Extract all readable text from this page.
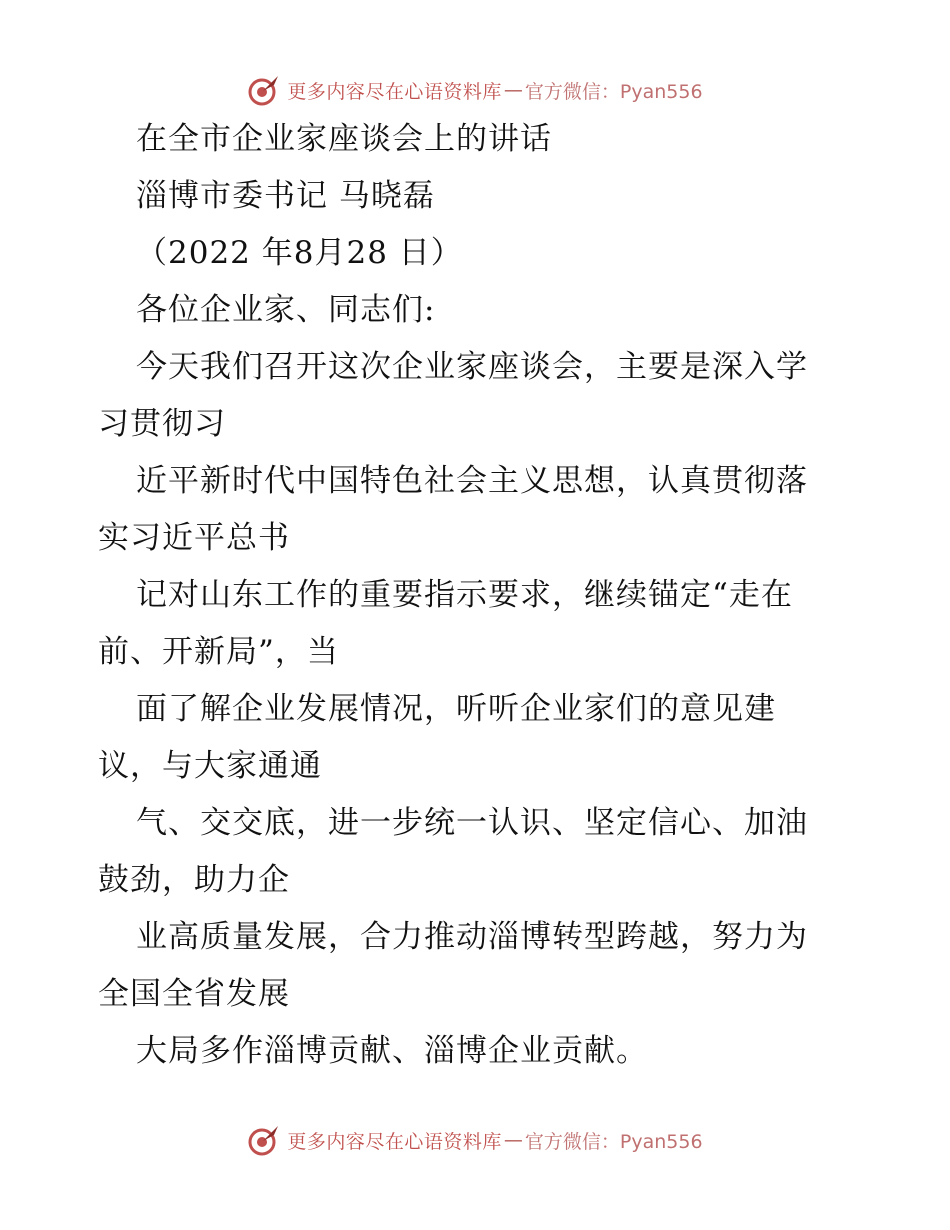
更多内容尽在心语资料库 — 官方微信：Pyan556
在全市企业家座谈会上的讲话
淄博市委书记 马晓磊
（2022 年8月28 日）
各位企业家、同志们:
今天我们召开这次企业家座谈会，主要是深入学
习贯彻习
近平新时代中国特色社会主义思想，认真贯彻落
实习近平总书
记对山东工作的重要指示要求，继续锚定“走在
前、开新局”，当
面了解企业发展情况，听听企业家们的意见建
议，与大家通通
气、交交底，进一步统一认识、坚定信心、加油
鼓劲，助力企
业高质量发展，合力推动淄博转型跨越，努力为
全国全省发展
大局多作淄博贡献、淄博企业贡献。
更多内容尽在心语资料库 — 官方微信：Pyan556
